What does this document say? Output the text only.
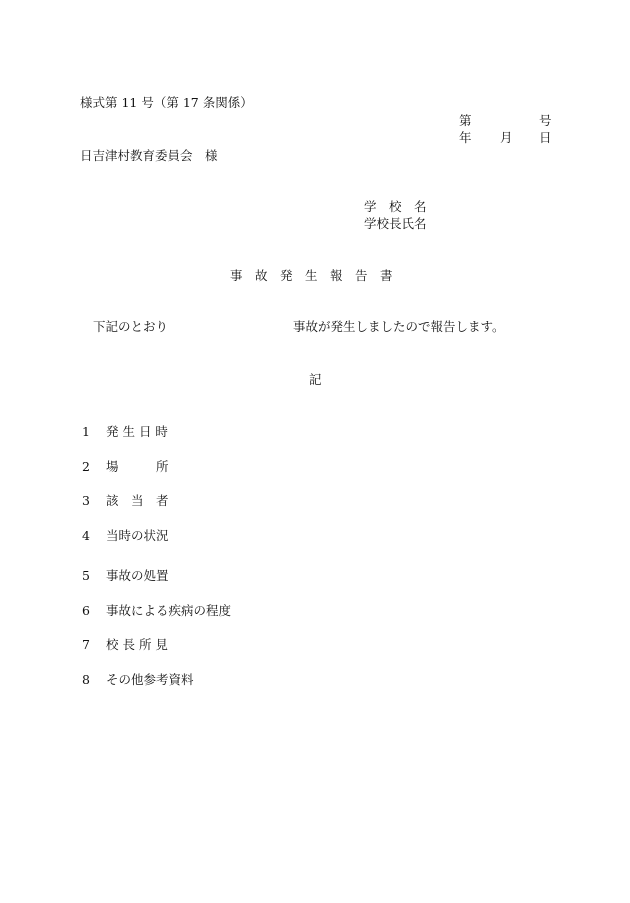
様式第 11 号（第 17 条関係）
第	号
年 月 日
日吉津村教育委員会　様
学　校　名
学校長氏名
事　故　発　生　報　告　書
下記のとおり	事故が発生しましたので報告します。
記
1 発 生 日 時
2 場　　　所
3 該　当　者
4 当時の状況
5 事故の処置
6 事故による疾病の程度
7 校 長 所 見
8 その他参考資料
